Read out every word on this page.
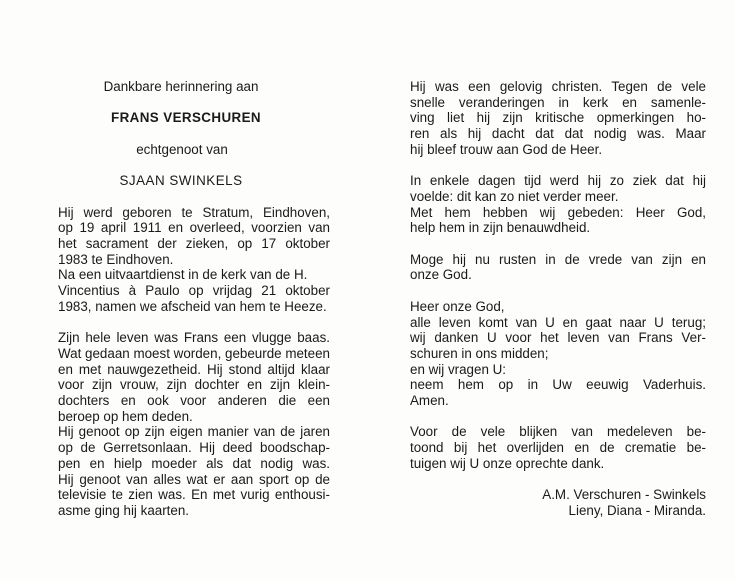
Dankbare herinnering aan
FRANS VERSCHUREN
echtgenoot van
SJAAN SWINKELS
Hij werd geboren te Stratum, Eindhoven,
op 19 april 1911 en overleed, voorzien van
het sacrament der zieken, op 17 oktober
1983 te Eindhoven.
Na een uitvaartdienst in de kerk van de H.
Vincentius à Paulo op vrijdag 21 oktober
1983, namen we afscheid van hem te Heeze.
Zijn hele leven was Frans een vlugge baas.
Wat gedaan moest worden, gebeurde meteen
en met nauwgezetheid. Hij stond altijd klaar
voor zijn vrouw, zijn dochter en zijn klein-
dochters en ook voor anderen die een
beroep op hem deden.
Hij genoot op zijn eigen manier van de jaren
op de Gerretsonlaan. Hij deed boodschap-
pen en hielp moeder als dat nodig was.
Hij genoot van alles wat er aan sport op de
televisie te zien was. En met vurig enthousi-
asme ging hij kaarten.
Hij was een gelovig christen. Tegen de vele
snelle veranderingen in kerk en samenle-
ving liet hij zijn kritische opmerkingen ho-
ren als hij dacht dat dat nodig was. Maar
hij bleef trouw aan God de Heer.
In enkele dagen tijd werd hij zo ziek dat hij
voelde: dit kan zo niet verder meer.
Met hem hebben wij gebeden: Heer God,
help hem in zijn benauwdheid.
Moge hij nu rusten in de vrede van zijn en
onze God.
Heer onze God,
alle leven komt van U en gaat naar U terug;
wij danken U voor het leven van Frans Ver-
schuren in ons midden;
en wij vragen U:
neem hem op in Uw eeuwig Vaderhuis.
Amen.
Voor de vele blijken van medeleven be-
toond bij het overlijden en de crematie be-
tuigen wij U onze oprechte dank.
A.M. Verschuren - Swinkels
Lieny, Diana - Miranda.
